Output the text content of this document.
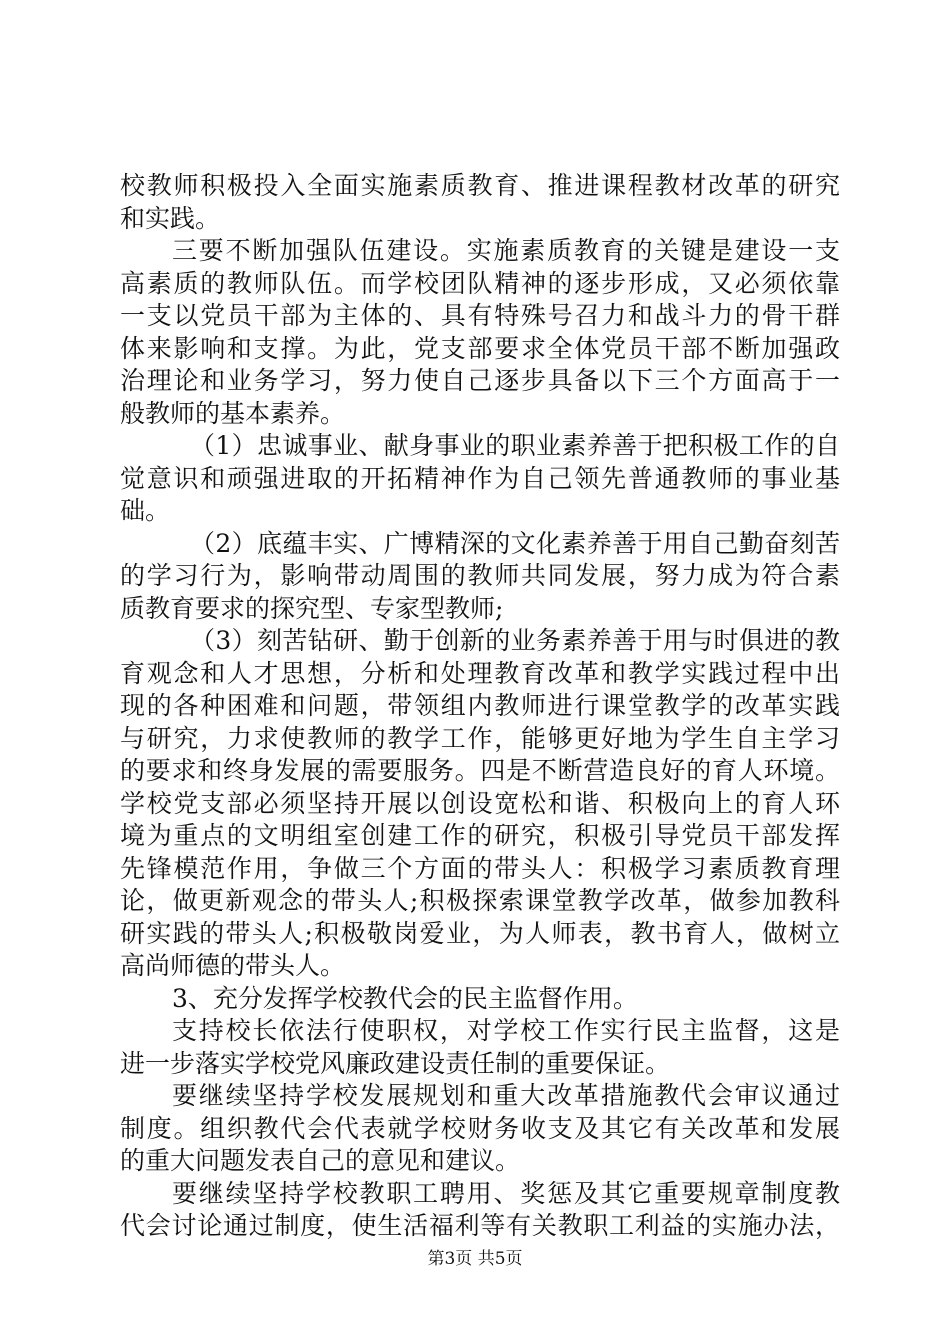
校教师积极投入全面实施素质教育、推进课程教材改革的研究
和实践。
三要不断加强队伍建设。实施素质教育的关键是建设一支
高素质的教师队伍。而学校团队精神的逐步形成，又必须依靠
一支以党员干部为主体的、具有特殊号召力和战斗力的骨干群
体来影响和支撑。为此，党支部要求全体党员干部不断加强政
治理论和业务学习，努力使自己逐步具备以下三个方面高于一
般教师的基本素养。
（1）忠诚事业、献身事业的职业素养善于把积极工作的自
觉意识和顽强进取的开拓精神作为自己领先普通教师的事业基
础。
（2）底蕴丰实、广博精深的文化素养善于用自己勤奋刻苦
的学习行为，影响带动周围的教师共同发展，努力成为符合素
质教育要求的探究型、专家型教师;
（3）刻苦钻研、勤于创新的业务素养善于用与时俱进的教
育观念和人才思想，分析和处理教育改革和教学实践过程中出
现的各种困难和问题，带领组内教师进行课堂教学的改革实践
与研究，力求使教师的教学工作，能够更好地为学生自主学习
的要求和终身发展的需要服务。四是不断营造良好的育人环境。
学校党支部必须坚持开展以创设宽松和谐、积极向上的育人环
境为重点的文明组室创建工作的研究，积极引导党员干部发挥
先锋模范作用，争做三个方面的带头人：积极学习素质教育理
论，做更新观念的带头人;积极探索课堂教学改革，做参加教科
研实践的带头人;积极敬岗爱业，为人师表，教书育人，做树立
高尚师德的带头人。
3、充分发挥学校教代会的民主监督作用。
支持校长依法行使职权，对学校工作实行民主监督，这是
进一步落实学校党风廉政建设责任制的重要保证。
要继续坚持学校发展规划和重大改革措施教代会审议通过
制度。组织教代会代表就学校财务收支及其它有关改革和发展
的重大问题发表自己的意见和建议。
要继续坚持学校教职工聘用、奖惩及其它重要规章制度教
代会讨论通过制度，使生活福利等有关教职工利益的实施办法，
第3页 共5页
